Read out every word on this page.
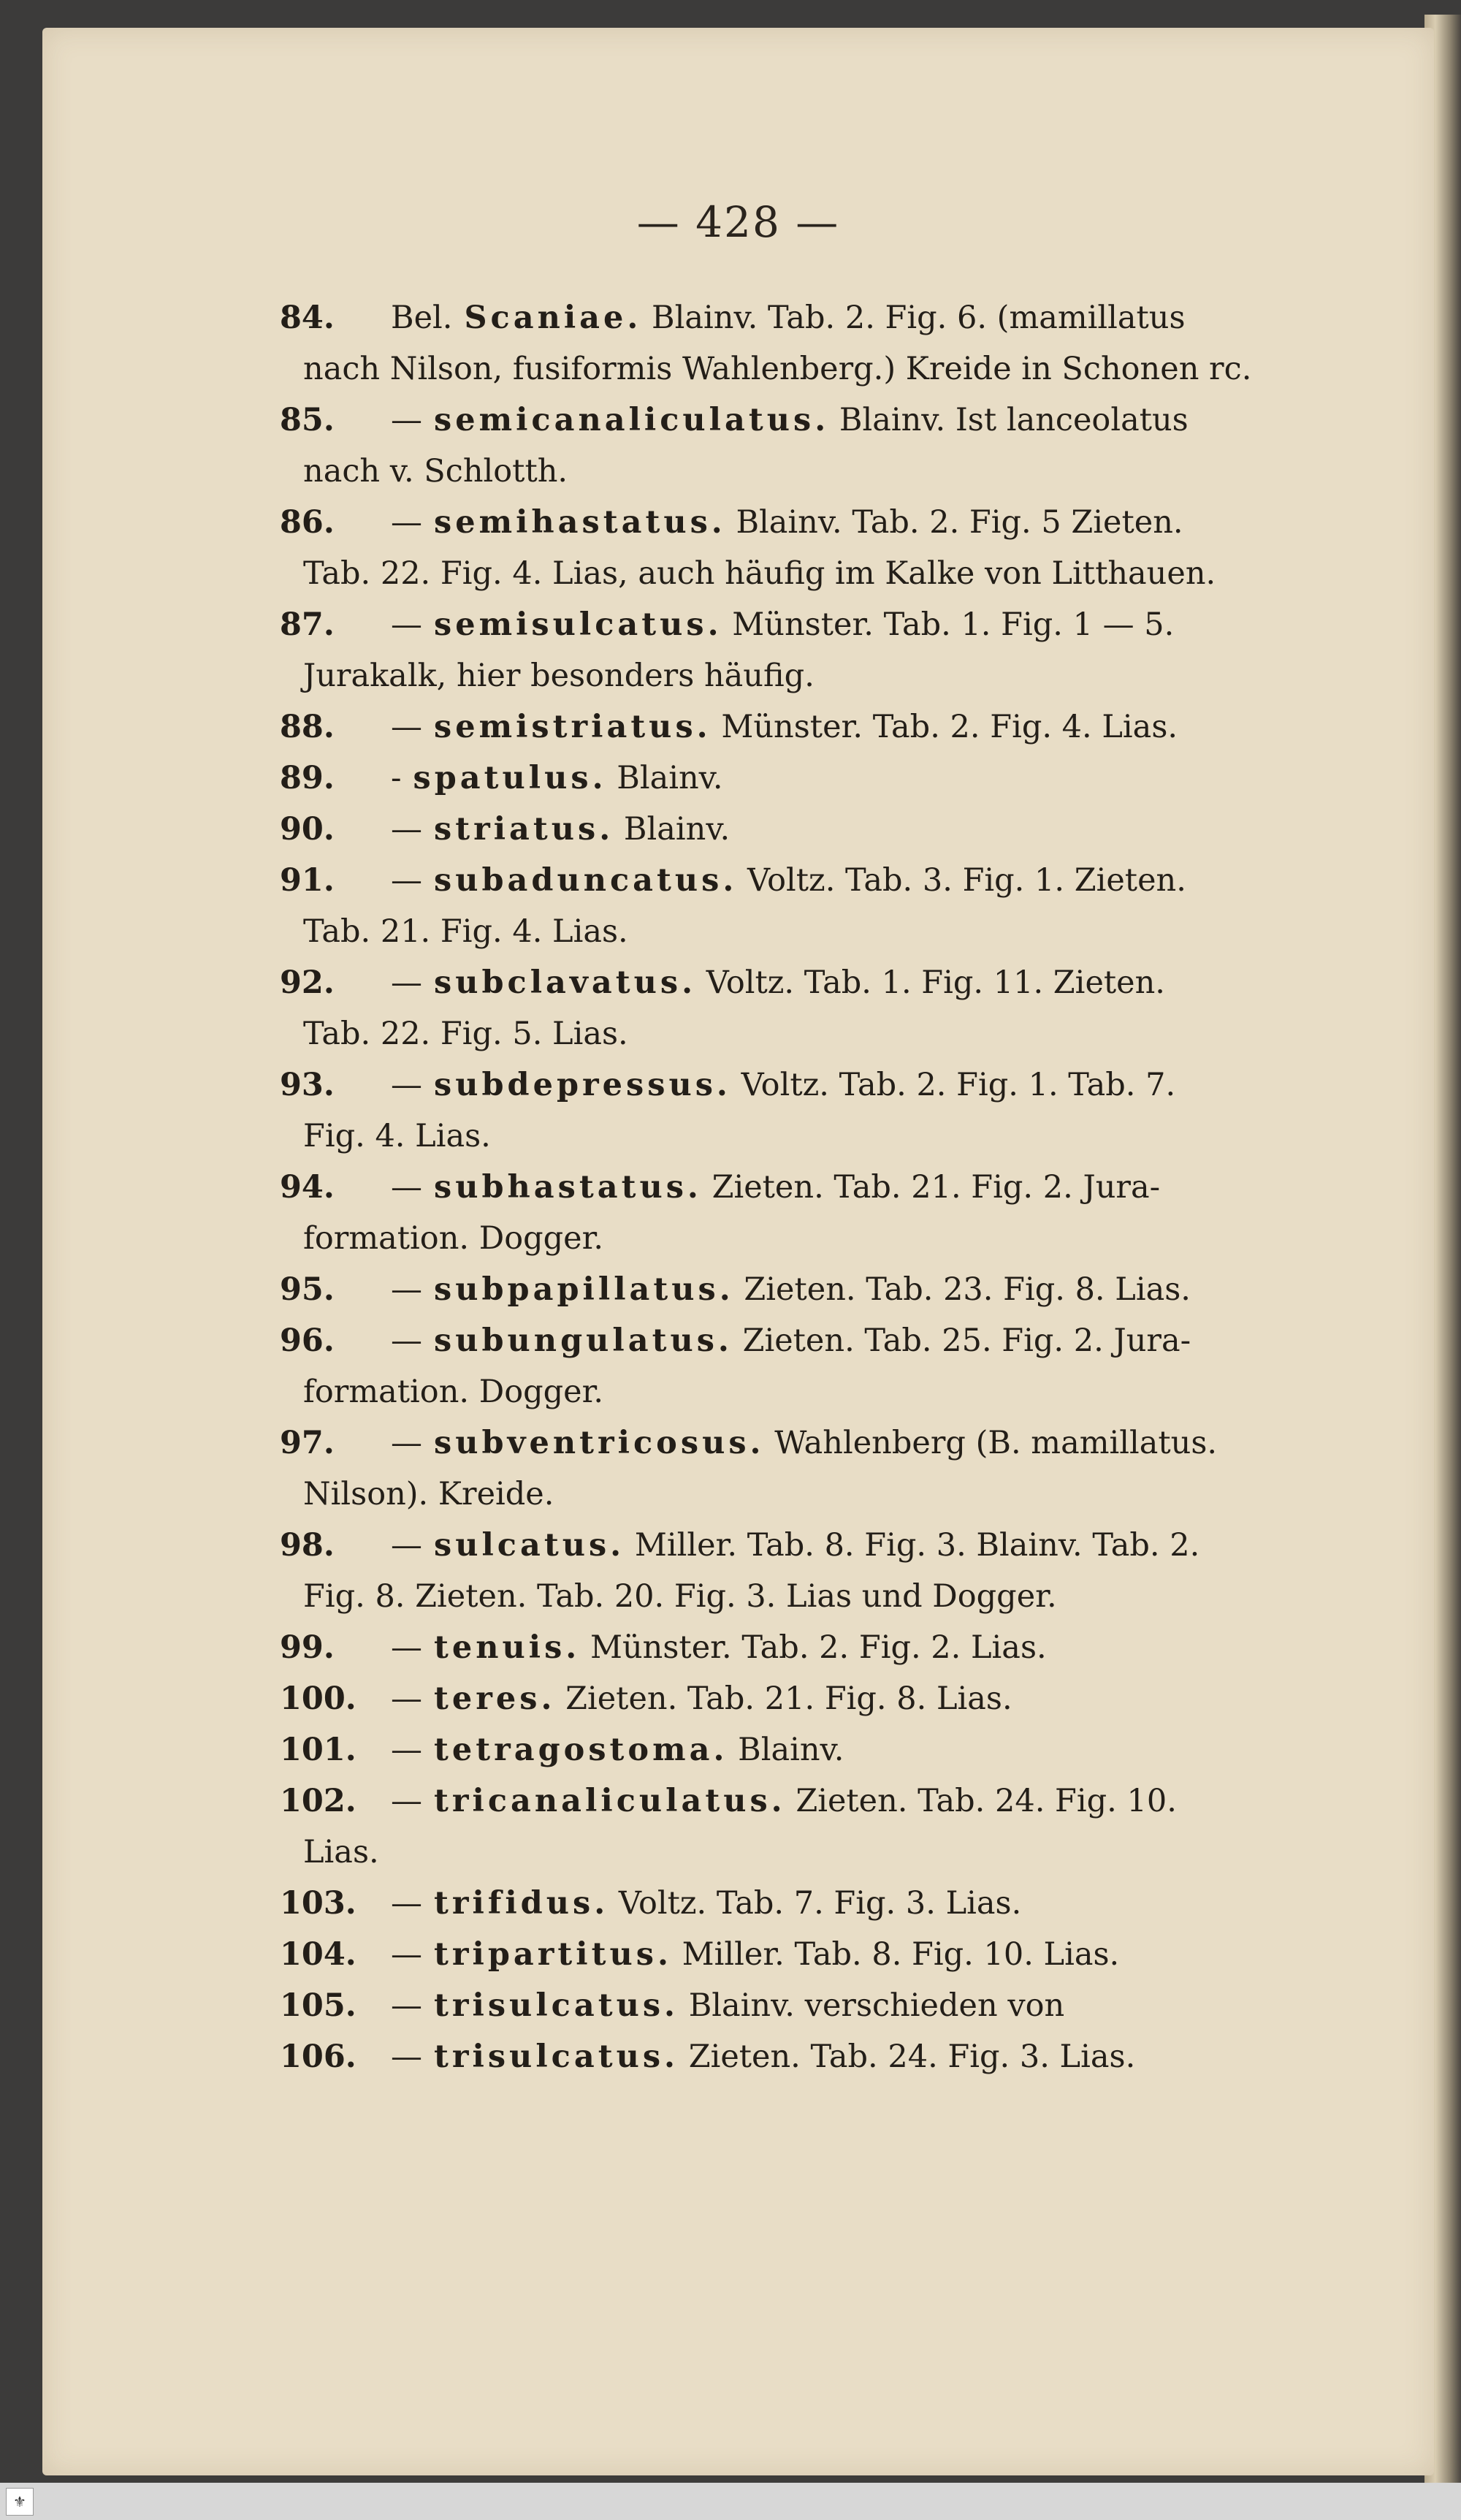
— 428 —
84. Bel. Scaniae. Blainv. Tab. 2. Fig. 6. (mamillatus
nach Nilson, fusiformis Wahlenberg.) Kreide in Schonen rc.
85. — semicanaliculatus. Blainv. Ist lanceolatus
nach v. Schlotth.
86. — semihastatus. Blainv. Tab. 2. Fig. 5 Zieten.
Tab. 22. Fig. 4. Lias, auch häufig im Kalke von Litthauen.
87. — semisulcatus. Münster. Tab. 1. Fig. 1 — 5.
Jurakalk, hier besonders häufig.
88. — semistriatus. Münster. Tab. 2. Fig. 4. Lias.
89. - spatulus. Blainv.
90. — striatus. Blainv.
91. — subaduncatus. Voltz. Tab. 3. Fig. 1. Zieten.
Tab. 21. Fig. 4. Lias.
92. — subclavatus. Voltz. Tab. 1. Fig. 11. Zieten.
Tab. 22. Fig. 5. Lias.
93. — subdepressus. Voltz. Tab. 2. Fig. 1. Tab. 7.
Fig. 4. Lias.
94. — subhastatus. Zieten. Tab. 21. Fig. 2. Jura-
formation. Dogger.
95. — subpapillatus. Zieten. Tab. 23. Fig. 8. Lias.
96. — subungulatus. Zieten. Tab. 25. Fig. 2. Jura-
formation. Dogger.
97. — subventricosus. Wahlenberg (B. mamillatus.
Nilson). Kreide.
98. — sulcatus. Miller. Tab. 8. Fig. 3. Blainv. Tab. 2.
Fig. 8. Zieten. Tab. 20. Fig. 3. Lias und Dogger.
99. — tenuis. Münster. Tab. 2. Fig. 2. Lias.
100. — teres. Zieten. Tab. 21. Fig. 8. Lias.
101. — tetragostoma. Blainv.
102. — tricanaliculatus. Zieten. Tab. 24. Fig. 10.
Lias.
103. — trifidus. Voltz. Tab. 7. Fig. 3. Lias.
104. — tripartitus. Miller. Tab. 8. Fig. 10. Lias.
105. — trisulcatus. Blainv. verschieden von
106. — trisulcatus. Zieten. Tab. 24. Fig. 3. Lias.
⚜
